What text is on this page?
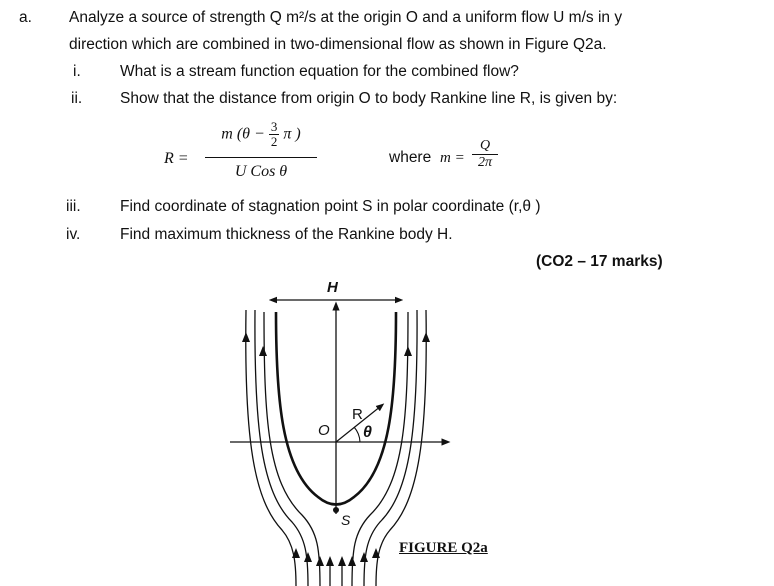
a. Analyze a source of strength Q m²/s at the origin O and a uniform flow U m/s in y
direction which are combined in two-dimensional flow as shown in Figure Q2a.
i.	What is a stream function equation for the combined flow?
ii. Show that the distance from origin O to body Rankine line R, is given by:
R =
m ($\theta - \frac{3}{2}$ π )
U Cos θ
where $m = \frac{Q}{2\pi}$
iii.	Find coordinate of stagnation point S in polar coordinate (r,θ )
iv.	Find maximum thickness of the Rankine body H.
(CO2 – 17 marks)
H
O
R
θ
S
FIGURE Q2a
